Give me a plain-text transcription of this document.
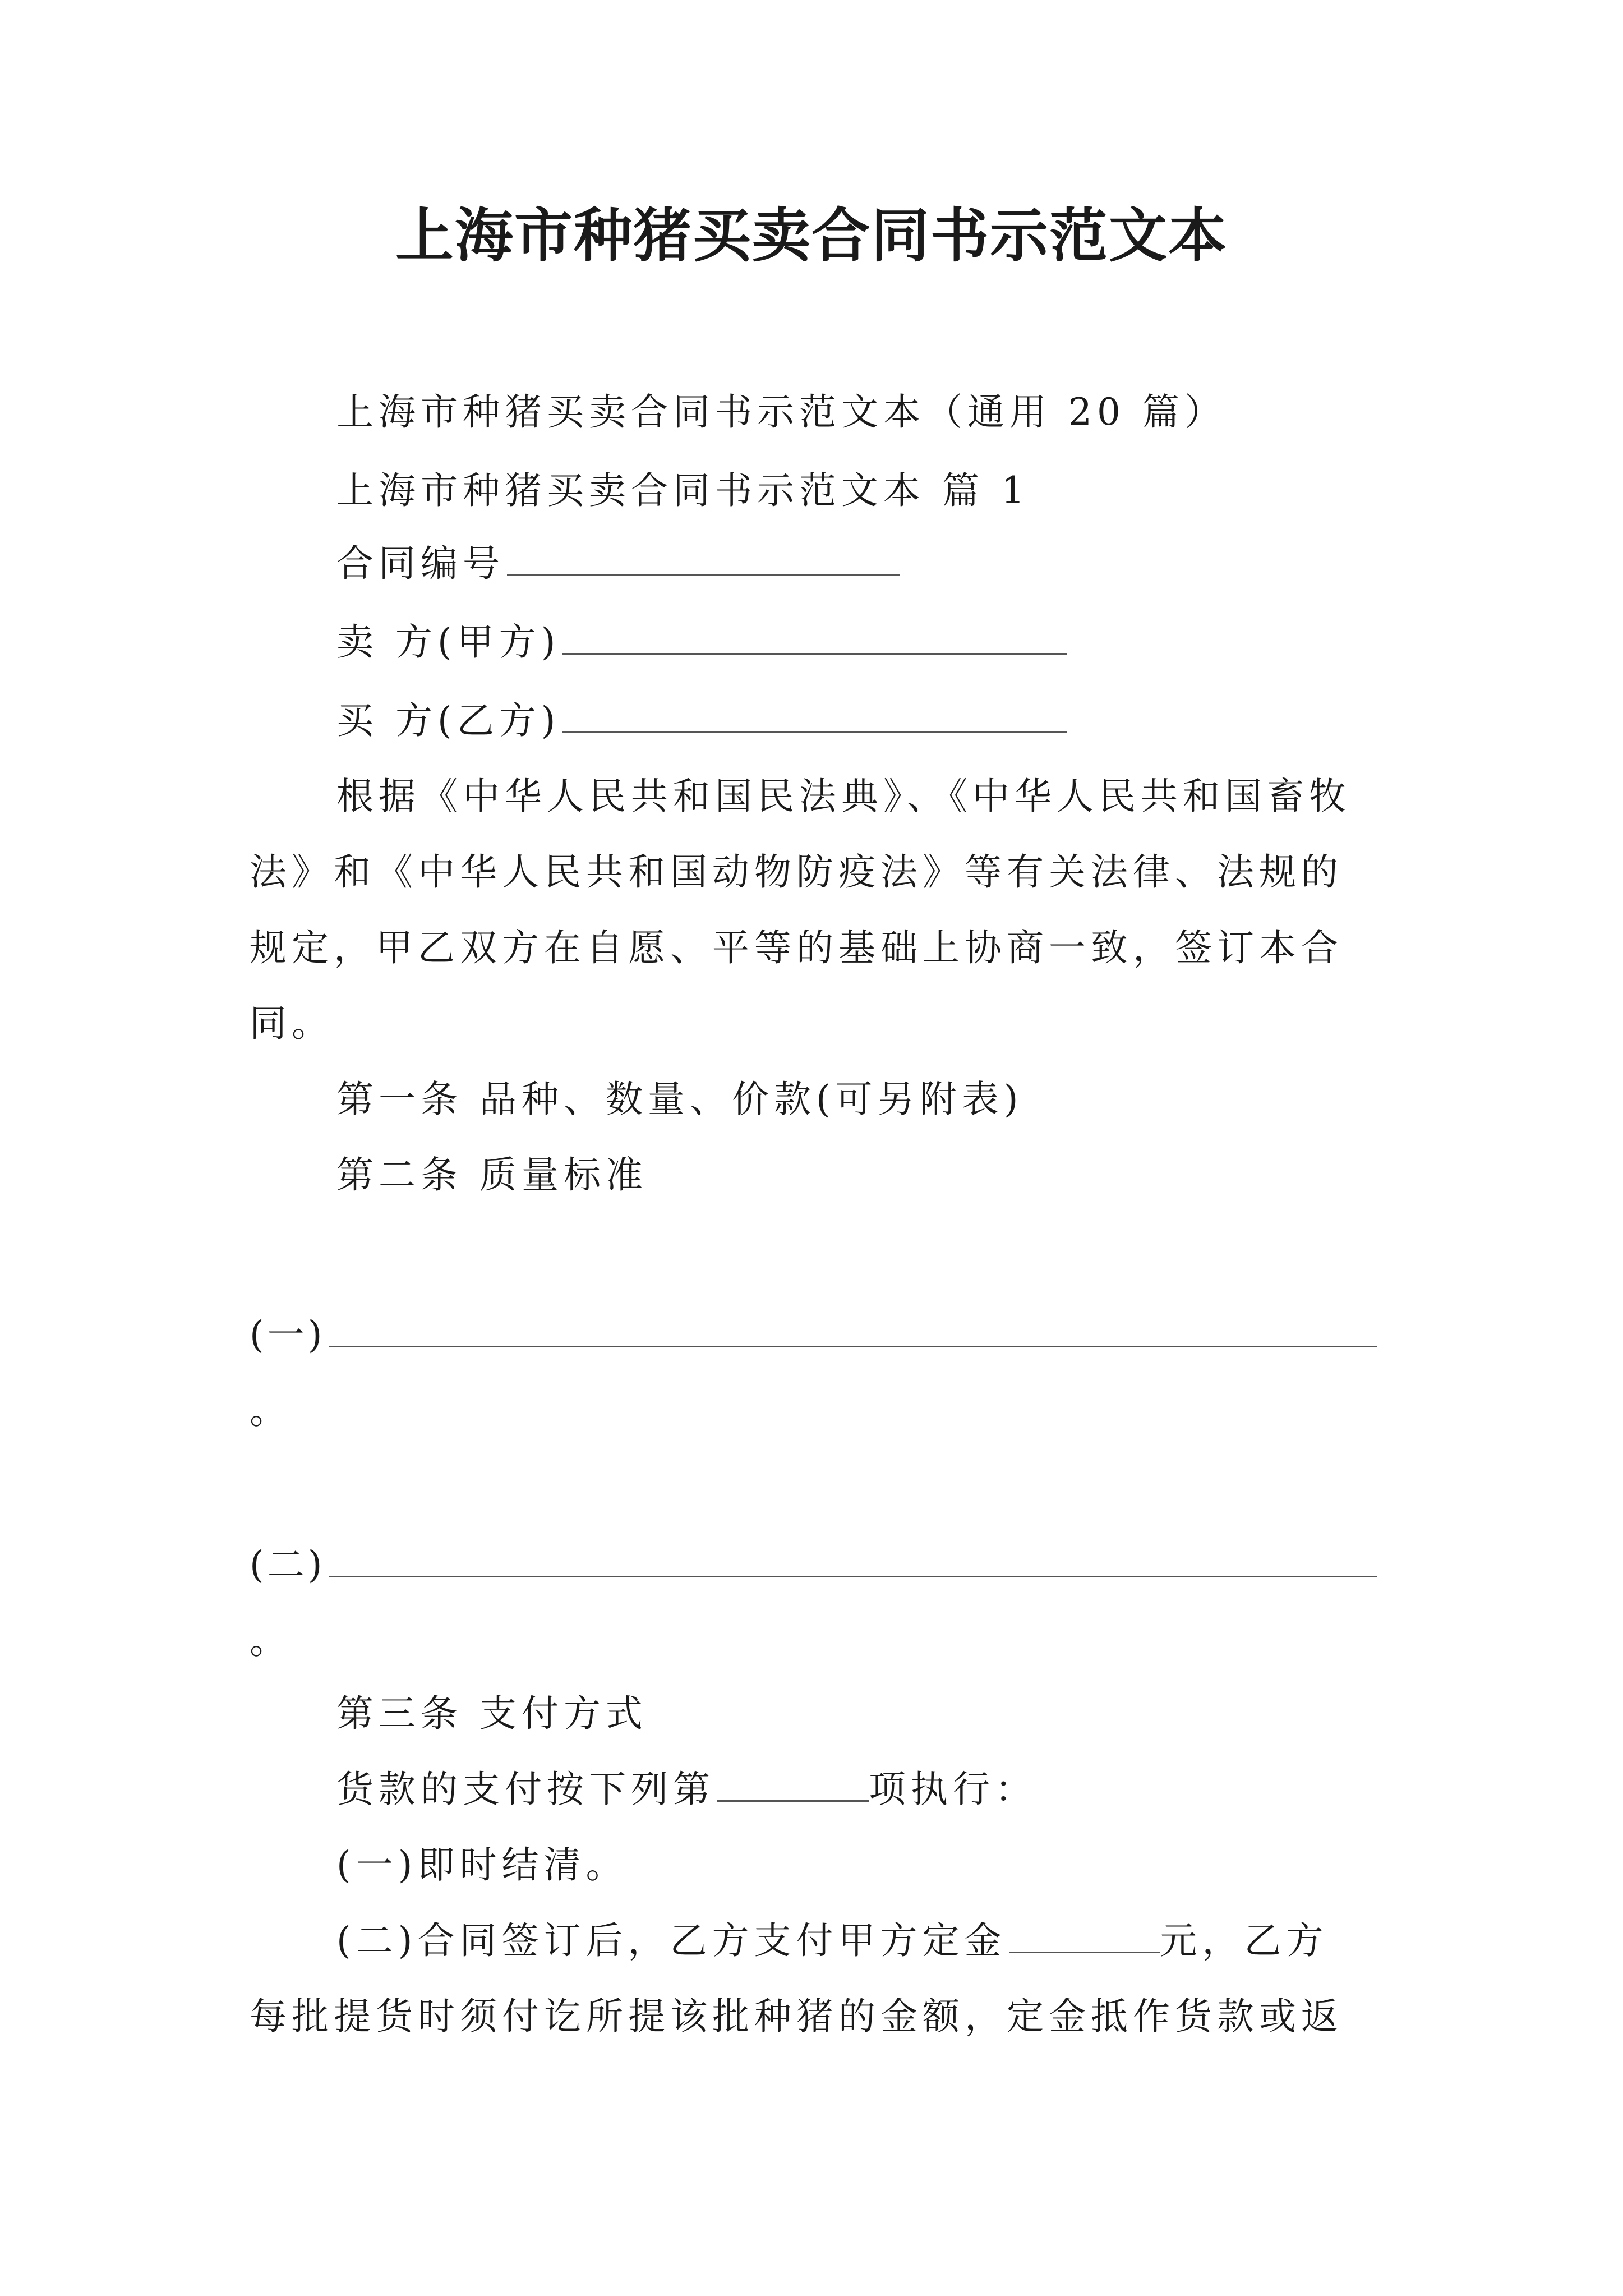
上海市种猪买卖合同书示范文本
上海市种猪买卖合同书示范文本（通用 20 篇）
上海市种猪买卖合同书示范文本 篇 1
合同编号
卖 方(甲方)
买 方(乙方)
根据《中华人民共和国民法典》、《中华人民共和国畜牧
法》和《中华人民共和国动物防疫法》等有关法律、法规的
规定，甲乙双方在自愿、平等的基础上协商一致，签订本合
同。
第一条 品种、数量、价款(可另附表)
第二条 质量标准
(一)
。
(二)
。
第三条 支付方式
货款的支付按下列第	项执行：
(一)即时结清。
(二)合同签订后，乙方支付甲方定金	元，乙方
每批提货时须付讫所提该批种猪的金额，定金抵作货款或返
